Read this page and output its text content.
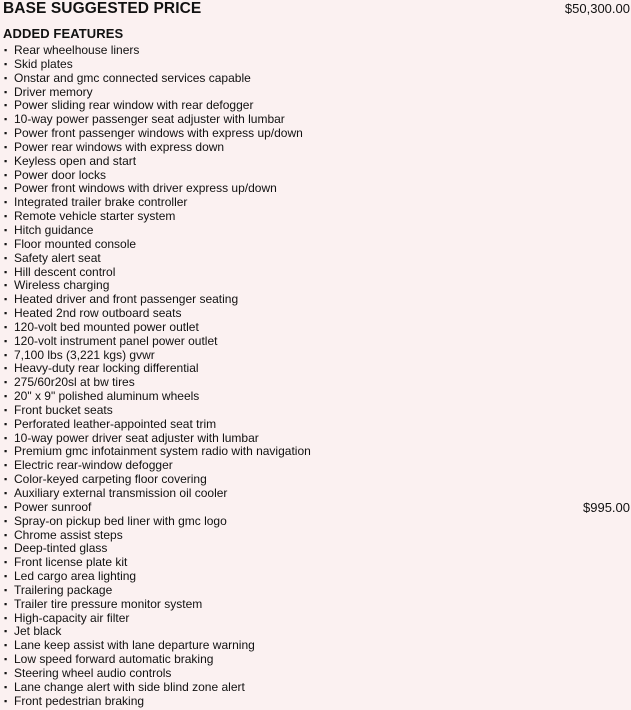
BASE SUGGESTED PRICE	$50,300.00
ADDED FEATURES
▪ Rear wheelhouse liners
▪ Skid plates
▪ Onstar and gmc connected services capable
▪ Driver memory
▪ Power sliding rear window with rear defogger
▪ 10-way power passenger seat adjuster with lumbar
▪ Power front passenger windows with express up/down
▪ Power rear windows with express down
▪ Keyless open and start
▪ Power door locks
▪ Power front windows with driver express up/down
▪ Integrated trailer brake controller
▪ Remote vehicle starter system
▪ Hitch guidance
▪ Floor mounted console
▪ Safety alert seat
▪ Hill descent control
▪ Wireless charging
▪ Heated driver and front passenger seating
▪ Heated 2nd row outboard seats
▪ 120-volt bed mounted power outlet
▪ 120-volt instrument panel power outlet
▪ 7,100 lbs (3,221 kgs) gvwr
▪ Heavy-duty rear locking differential
▪ 275/60r20sl at bw tires
▪ 20" x 9" polished aluminum wheels
▪ Front bucket seats
▪ Perforated leather-appointed seat trim
▪ 10-way power driver seat adjuster with lumbar
▪ Premium gmc infotainment system radio with navigation
▪ Electric rear-window defogger
▪ Color-keyed carpeting floor covering
▪ Auxiliary external transmission oil cooler
▪ Power sunroof	$995.00
▪ Spray-on pickup bed liner with gmc logo
▪ Chrome assist steps
▪ Deep-tinted glass
▪ Front license plate kit
▪ Led cargo area lighting
▪ Trailering package
▪ Trailer tire pressure monitor system
▪ High-capacity air filter
▪ Jet black
▪ Lane keep assist with lane departure warning
▪ Low speed forward automatic braking
▪ Steering wheel audio controls
▪ Lane change alert with side blind zone alert
▪ Front pedestrian braking
